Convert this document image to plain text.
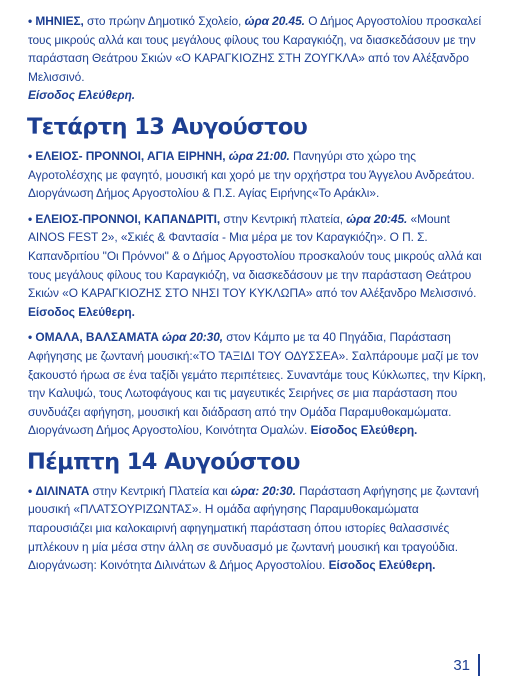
• ΜΗΝΙΕΣ, στο πρώην Δημοτικό Σχολείο, ώρα 20.45. Ο Δήμος Αργοστολίου προσκαλεί τους μικρούς αλλά και τους μεγάλους φίλους του Καραγκιόζη, να διασκεδάσουν με την παράσταση Θεάτρου Σκιών «Ο ΚΑΡΑΓΚΙΟΖΗΣ ΣΤΗ ΖΟΥΓΚΛΑ» από τον Αλέξανδρο Μελισσινό.
Είσοδος Ελεύθερη.

Τετάρτη 13 Αυγούστου

• ΕΛΕΙΟΣ- ΠΡΟΝΝΟΙ, ΑΓΙΑ ΕΙΡΗΝΗ, ώρα 21:00. Πανηγύρι στο χώρο της Αγροτολέσχης με φαγητό, μουσική και χορό με την ορχήστρα του Άγγελου Ανδρεάτου. Διοργάνωση Δήμος Αργοστολίου & Π.Σ. Αγίας Ειρήνης«Το Αράκλι».

• ΕΛΕΙΟΣ-ΠΡΟΝΝΟΙ, ΚΑΠΑΝΔΡΙΤΙ, στην Κεντρική πλατεία, ώρα 20:45. «Mount AINOS FEST 2», «Σκιές & Φαντασία - Μια μέρα με τον Καραγκιόζη». Ο Π. Σ. Καπανδριτίου "Οι Πρόννοι" & ο Δήμος Αργοστολίου προσκαλούν τους μικρούς αλλά και τους μεγάλους φίλους του Καραγκιόζη, να διασκεδάσουν με την παράσταση Θεάτρου Σκιών «Ο ΚΑΡΑΓΚΙΟΖΗΣ ΣΤΟ ΝΗΣΙ ΤΟΥ ΚΥΚΛΩΠΑ» από τον Αλέξανδρο Μελισσινό. Είσοδος Ελεύθερη.

• ΟΜΑΛΑ, ΒΑΛΣΑΜΑΤΑ ώρα 20:30, στον Κάμπο με τα 40 Πηγάδια, Παράσταση Αφήγησης με ζωντανή μουσική:«ΤΟ ΤΑΞΙΔΙ ΤΟΥ ΟΔΥΣΣΕΑ». Σαλπάρουμε μαζί με τον ξακουστό ήρωα σε ένα ταξίδι γεμάτο περιπέτειες. Συναντάμε τους Κύκλωπες, την Κίρκη, την Καλυψώ, τους Λωτοφάγους και τις μαγευτικές Σειρήνες σε μια παράσταση που συνδυάζει αφήγηση, μουσική και διάδραση από την Ομάδα Παραμυθοκαμώματα. Διοργάνωση Δήμος Αργοστολίου, Κοινότητα Ομαλών. Είσοδος Ελεύθερη.

Πέμπτη 14 Αυγούστου

• ΔΙΛΙΝΑΤΑ στην Κεντρική Πλατεία και ώρα: 20:30. Παράσταση Αφήγησης με ζωντανή μουσική «ΠΛΑΤΣΟΥΡΙΖΩΝΤΑΣ». Η ομάδα αφήγησης Παραμυθοκαμώματα παρουσιάζει μια καλοκαιρινή αφηγηματική παράσταση όπου ιστορίες θαλασσινές μπλέκουν η μία μέσα στην άλλη σε συνδυασμό με ζωντανή μουσική και τραγούδια. Διοργάνωση: Κοινότητα Διλινάτων & Δήμος Αργοστολίου. Είσοδος Ελεύθερη.

31
